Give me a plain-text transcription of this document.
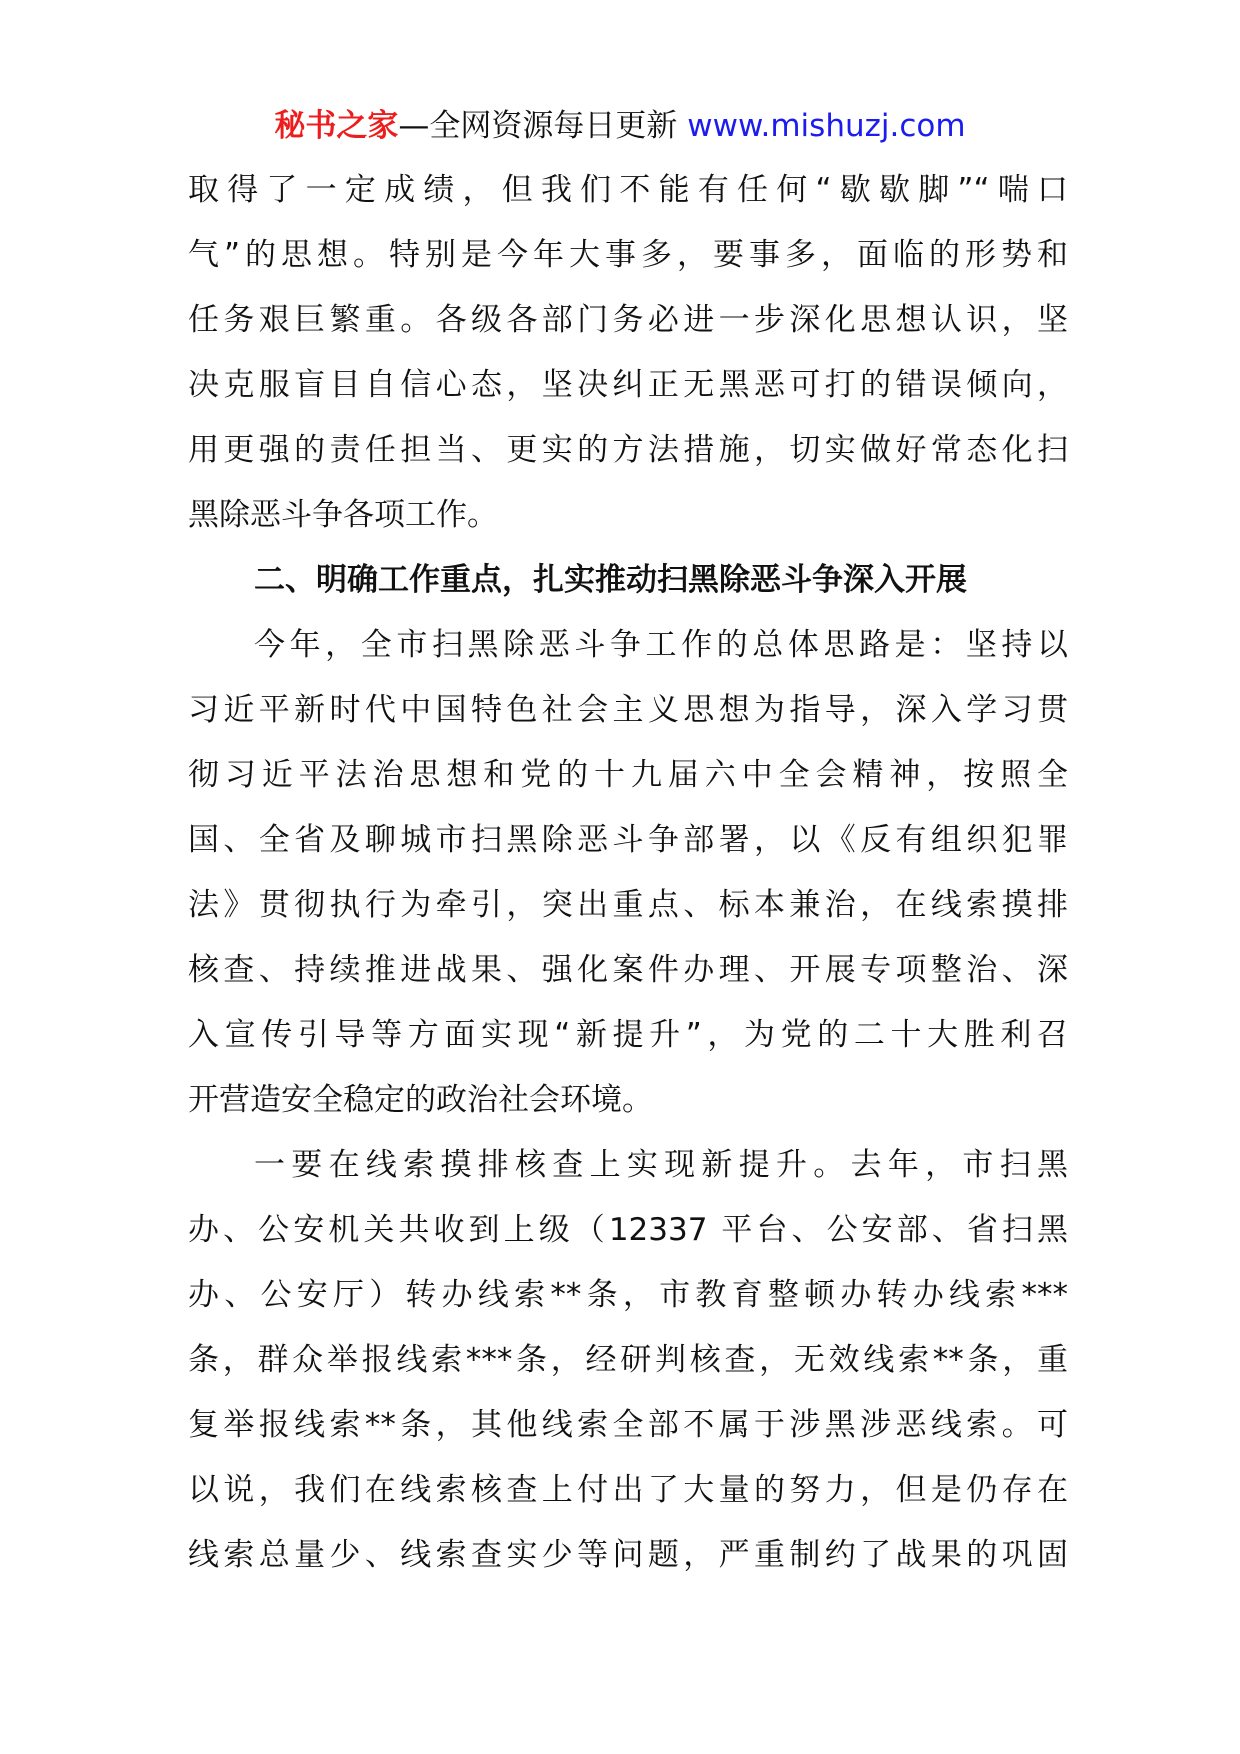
秘书之家—全网资源每日更新 www.mishuzj.com
取得了一定成绩，但我们不能有任何“歇歇脚”“喘口
气”的思想。特别是今年大事多，要事多，面临的形势和
任务艰巨繁重。各级各部门务必进一步深化思想认识，坚
决克服盲目自信心态，坚决纠正无黑恶可打的错误倾向，
用更强的责任担当、更实的方法措施，切实做好常态化扫
黑除恶斗争各项工作。
二、明确工作重点，扎实推动扫黑除恶斗争深入开展
今年，全市扫黑除恶斗争工作的总体思路是：坚持以
习近平新时代中国特色社会主义思想为指导，深入学习贯
彻习近平法治思想和党的十九届六中全会精神，按照全
国、全省及聊城市扫黑除恶斗争部署，以《反有组织犯罪
法》贯彻执行为牵引，突出重点、标本兼治，在线索摸排
核查、持续推进战果、强化案件办理、开展专项整治、深
入宣传引导等方面实现“新提升”，为党的二十大胜利召
开营造安全稳定的政治社会环境。
一要在线索摸排核查上实现新提升。去年，市扫黑
办、公安机关共收到上级（12337 平台、公安部、省扫黑
办、公安厅）转办线索**条，市教育整顿办转办线索***
条，群众举报线索***条，经研判核查，无效线索**条，重
复举报线索**条，其他线索全部不属于涉黑涉恶线索。可
以说，我们在线索核查上付出了大量的努力，但是仍存在
线索总量少、线索查实少等问题，严重制约了战果的巩固
